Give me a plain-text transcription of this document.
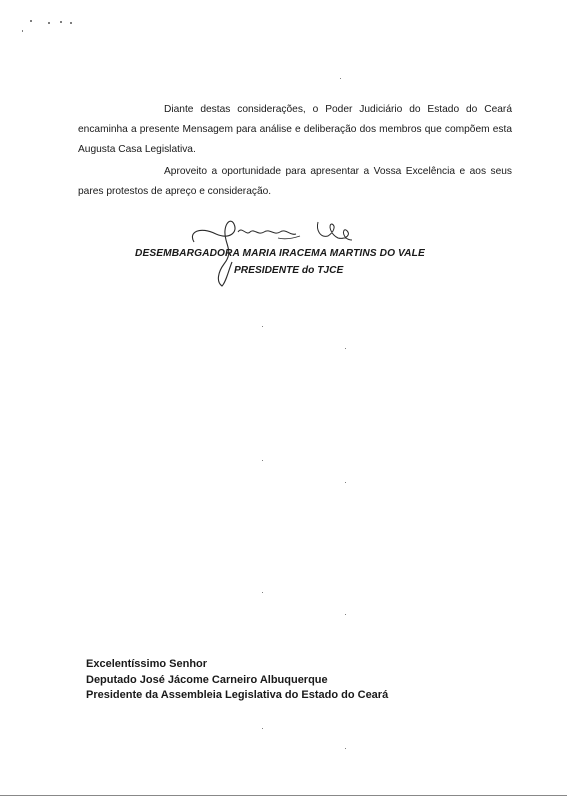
Diante destas considerações, o Poder Judiciário do Estado do Ceará encaminha a presente Mensagem para análise e deliberação dos membros que compõem esta Augusta Casa Legislativa.

Aproveito a oportunidade para apresentar a Vossa Excelência e aos seus pares protestos de apreço e consideração.

DESEMBARGADORA MARIA IRACEMA MARTINS DO VALE
PRESIDENTE do TJCE
Excelentíssimo Senhor
Deputado José Jácome Carneiro Albuquerque
Presidente da Assembleia Legislativa do Estado do Ceará
